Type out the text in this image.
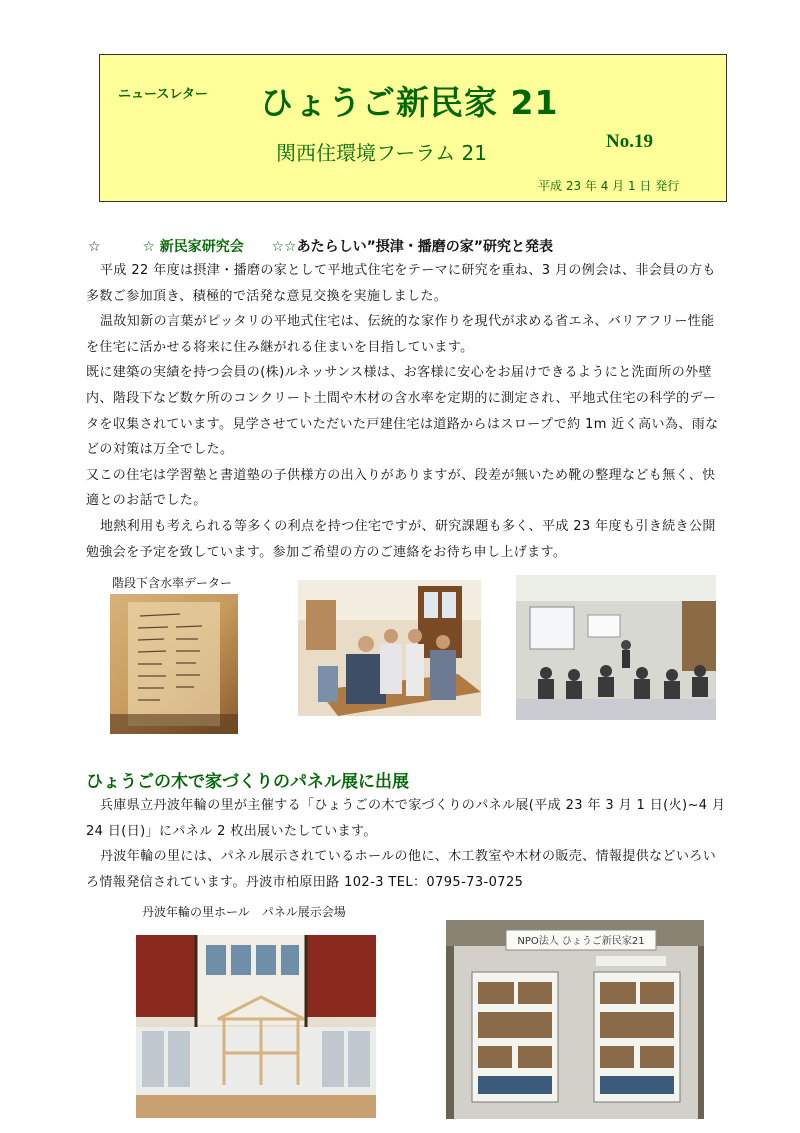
ニュースレター ひょうご新民家 21
関西住環境フーラム 21	No.19
平成 23 年 4 月 1 日 発行
☆	☆ 新民家研究会 ☆☆あたらしい”摂津・播磨の家”研究と発表

平成 22 年度は摂津・播磨の家として平地式住宅をテーマに研究を重ね、3 月の例会は、非会員の方も多数ご参加頂き、積極的で活発な意見交換を実施しました。

温故知新の言葉がピッタリの平地式住宅は、伝統的な家作りを現代が求める省エネ、バリアフリー性能を住宅に活かせる将来に住み継がれる住まいを目指しています。

既に建築の実績を持つ会員の(株)ルネッサンス様は、お客様に安心をお届けできるようにと洗面所の外壁内、階段下など数ケ所のコンクリート土間や木材の含水率を定期的に測定され、平地式住宅の科学的データを収集されています。見学させていただいた戸建住宅は道路からはスロープで約 1m 近く高い為、雨などの対策は万全でした。

又この住宅は学習塾と書道塾の子供様方の出入りがありますが、段差が無いため靴の整理なども無く、快適とのお話でした。

地熱利用も考えられる等多くの利点を持つ住宅ですが、研究課題も多く、平成 23 年度も引き続き公開勉強会を予定を致しています。参加ご希望の方のご連絡をお待ち申し上げます。

階段下含水率データー
ひょうごの木で家づくりのパネル展に出展

兵庫県立丹波年輪の里が主催する「ひょうごの木で家づくりのパネル展(平成 23 年 3 月 1 日(火)~4 月 24 日(日)」にパネル 2 枚出展いたしています。

丹波年輪の里には、パネル展示されているホールの他に、木工教室や木材の販売、情報提供などいろいろ情報発信されています。丹波市柏原田路 102-3 TEL：0795-73-0725

丹波年輪の里ホール　パネル展示会場
NPO法人 ひょうご新民家21
